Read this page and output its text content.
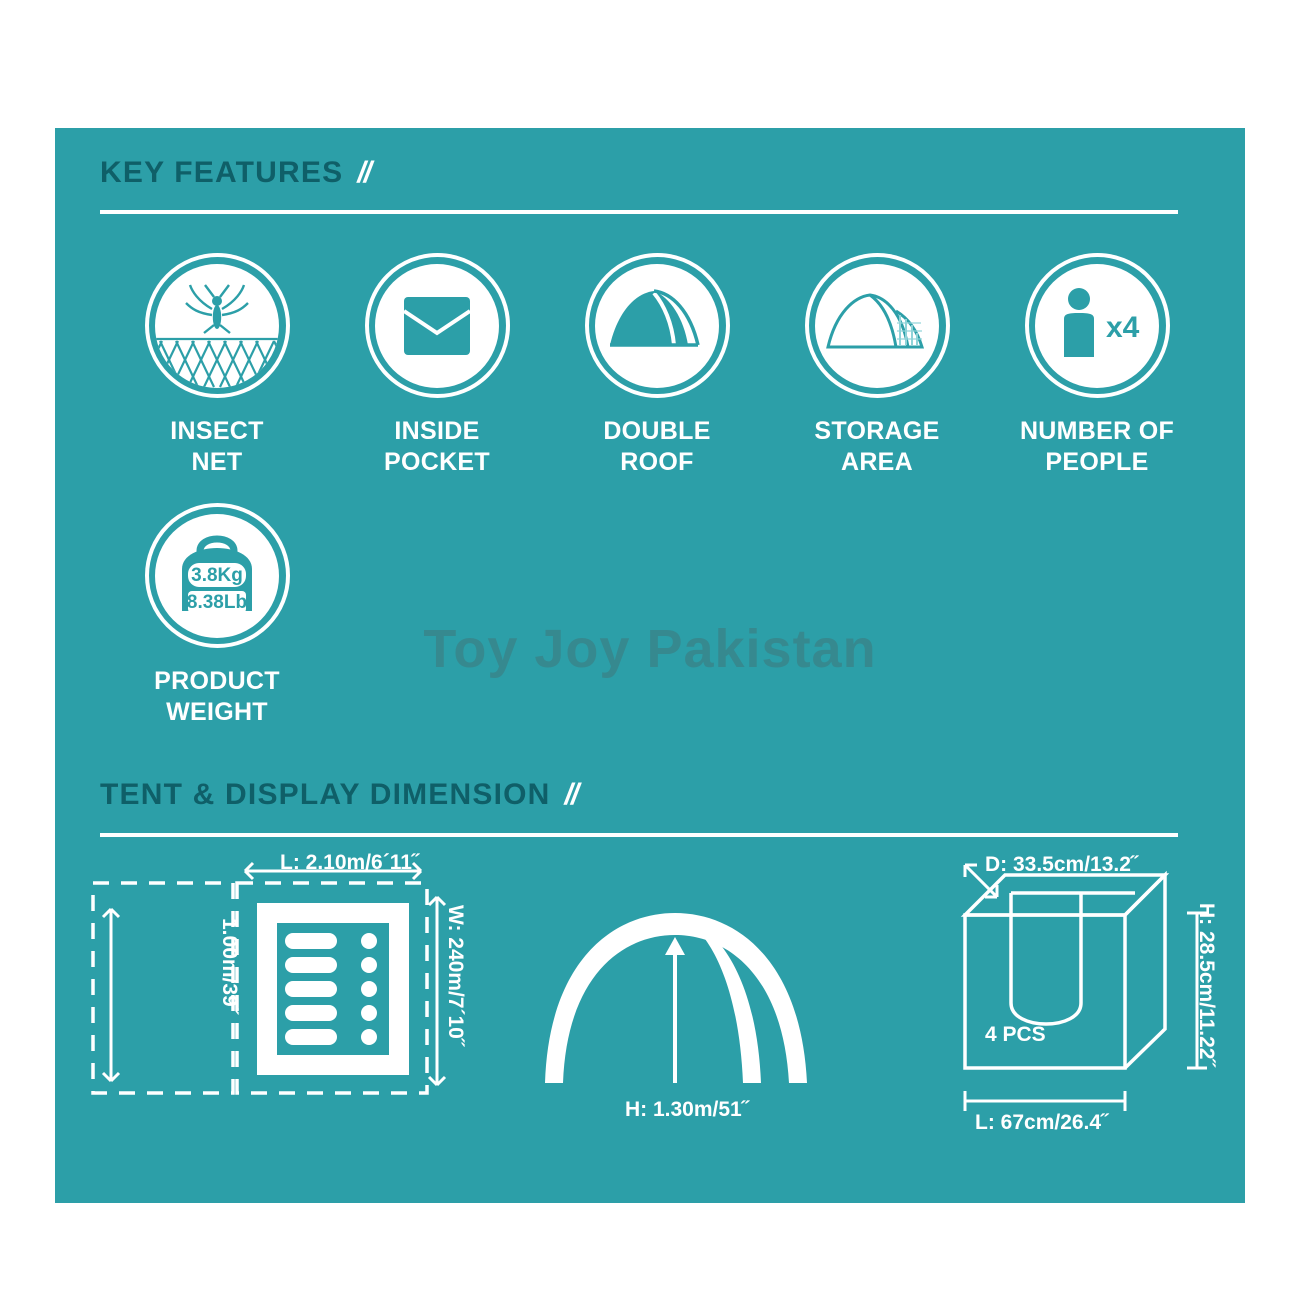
KEY FEATURES //
INSECT
NET
INSIDE
POCKET
DOUBLE
ROOF
STORAGE
AREA
x4
NUMBER OF
PEOPLE
3.8Kg
8.38Lb
PRODUCT
WEIGHT
Toy Joy Pakistan
TENT & DISPLAY DIMENSION //
L: 2.10m/6´11˝
1.00m/39˝	W: 240m/7´10˝
H: 1.30m/51˝
4 PCS
D: 33.5cm/13.2˝
H: 28.5cm/11.22˝
L: 67cm/26.4˝
